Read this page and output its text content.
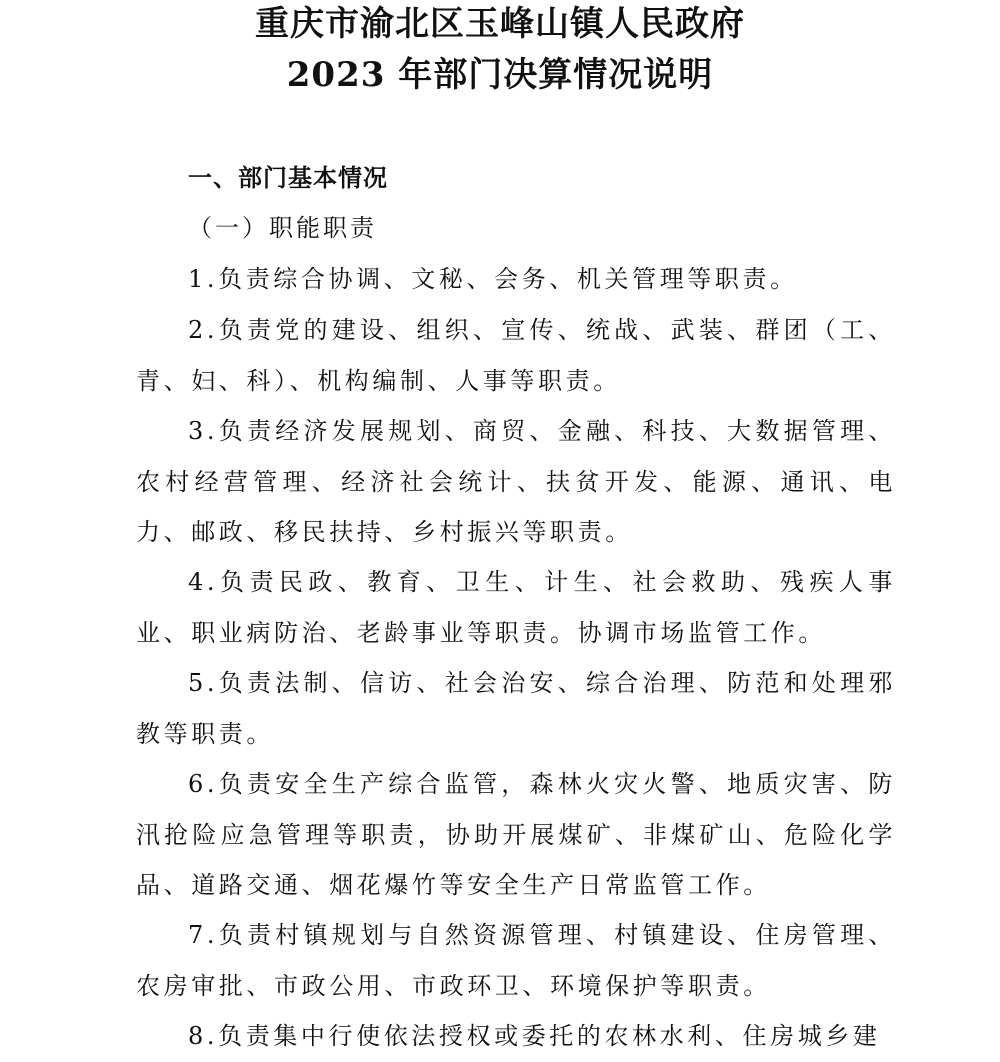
重庆市渝北区玉峰山镇人民政府
2023 年部门决算情况说明
一、部门基本情况
（一）职能职责

1.负责综合协调、文秘、会务、机关管理等职责。

2.负责党的建设、组织、宣传、统战、武装、群团（工、青、妇、科）、机构编制、人事等职责。

3.负责经济发展规划、商贸、金融、科技、大数据管理、农村经营管理、经济社会统计、扶贫开发、能源、通讯、电力、邮政、移民扶持、乡村振兴等职责。

4.负责民政、教育、卫生、计生、社会救助、残疾人事业、职业病防治、老龄事业等职责。协调市场监管工作。

5.负责法制、信访、社会治安、综合治理、防范和处理邪教等职责。

6.负责安全生产综合监管，森林火灾火警、地质灾害、防汛抢险应急管理等职责，协助开展煤矿、非煤矿山、危险化学品、道路交通、烟花爆竹等安全生产日常监管工作。

7.负责村镇规划与自然资源管理、村镇建设、住房管理、农房审批、市政公用、市政环卫、环境保护等职责。

8.负责集中行使依法授权或委托的农林水利、住房城乡建
